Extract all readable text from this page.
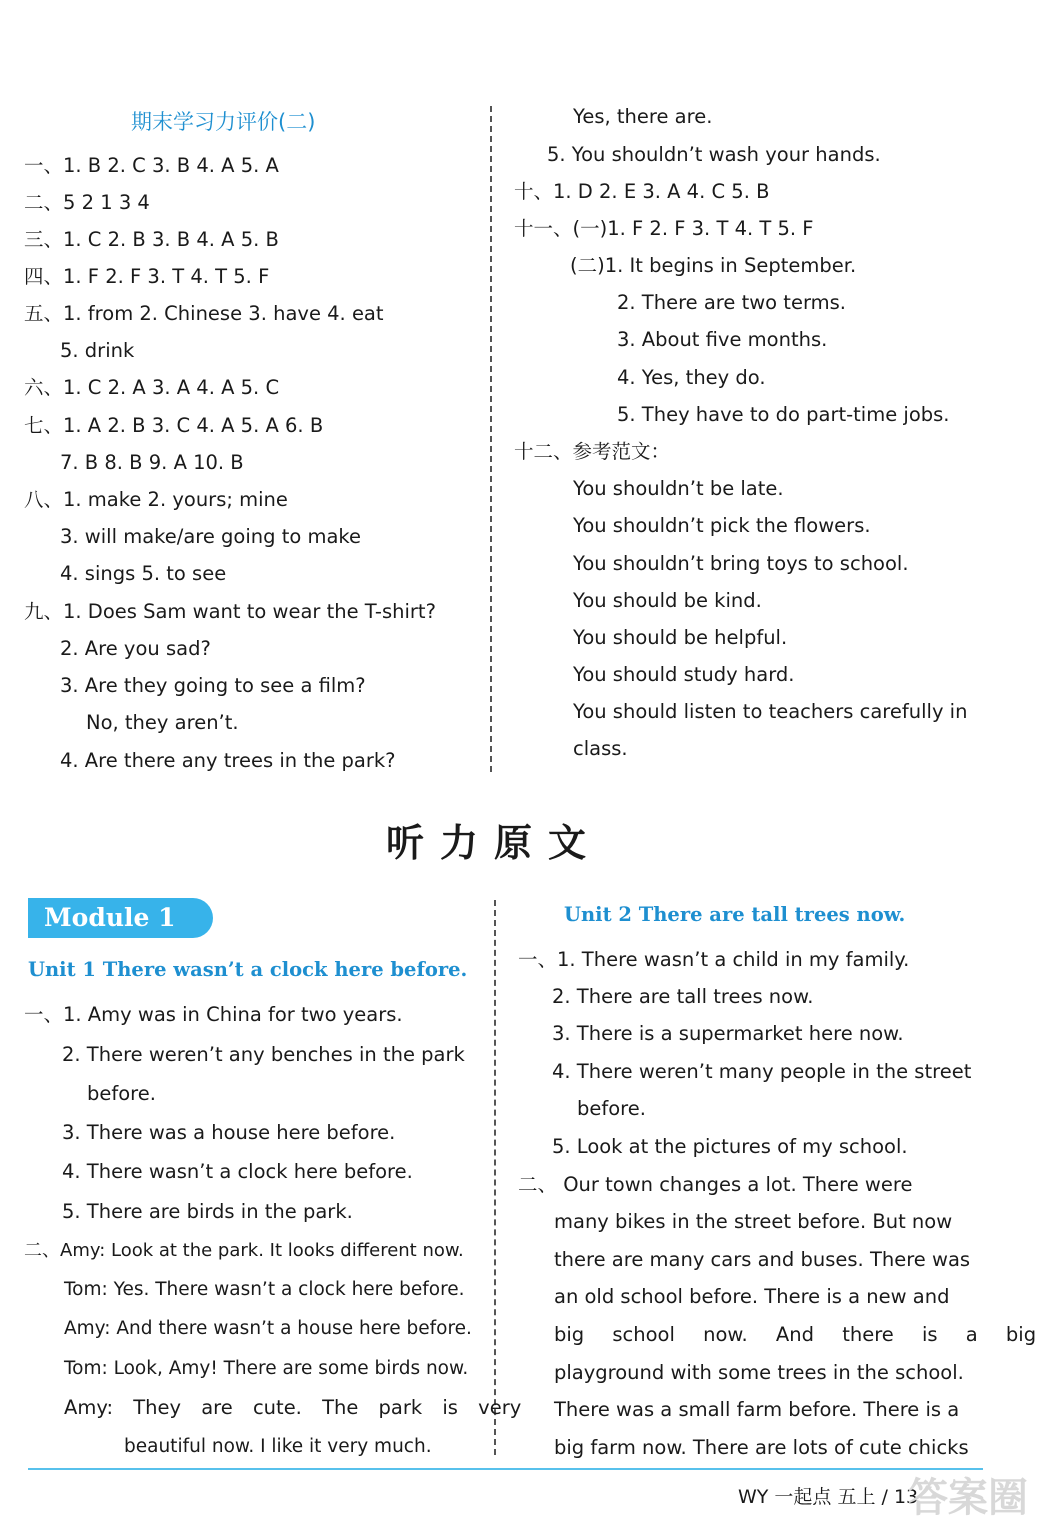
期末学习力评价(二)
一、1. B 2. C 3. B 4. A 5. A
二、5 2 1 3 4
三、1. C 2. B 3. B 4. A 5. B
四、1. F 2. F 3. T 4. T 5. F
五、1. from 2. Chinese 3. have 4. eat
5. drink
六、1. C 2. A 3. A 4. A 5. C
七、1. A 2. B 3. C 4. A 5. A 6. B
7. B 8. B 9. A 10. B
八、1. make 2. yours; mine
3. will make/are going to make
4. sings 5. to see
九、1. Does Sam want to wear the T-shirt?
2. Are you sad?
3. Are they going to see a film?
No, they aren’t.
4. Are there any trees in the park?
Yes, there are.
5. You shouldn’t wash your hands.
十、1. D 2. E 3. A 4. C 5. B
十一、(一)1. F 2. F 3. T 4. T 5. F
(二)1. It begins in September.
2. There are two terms.
3. About five months.
4. Yes, they do.
5. They have to do part-time jobs.
十二、参考范文：
You shouldn’t be late.
You shouldn’t pick the flowers.
You shouldn’t bring toys to school.
You should be kind.
You should be helpful.
You should study hard.
You should listen to teachers carefully in
class.
听力原文
Module 1
Unit 1 There wasn’t a clock here before.
一、1. Amy was in China for two years.
2. There weren’t any benches in the park
before.
3. There was a house here before.
4. There wasn’t a clock here before.
5. There are birds in the park.
二、Amy: Look at the park. It looks different now.
Tom: Yes. There wasn’t a clock here before.
Amy: And there wasn’t a house here before.
Tom: Look, Amy! There are some birds now.
Amy: They are cute. The park is very
beautiful now. I like it very much.
Unit 2 There are tall trees now.
一、1. There wasn’t a child in my family.
2. There are tall trees now.
3. There is a supermarket here now.
4. There weren’t many people in the street
before.
5. Look at the pictures of my school.
二、 Our town changes a lot. There were
many bikes in the street before. But now
there are many cars and buses. There was
an old school before. There is a new and
big school now. And there is a big
playground with some trees in the school.
There was a small farm before. There is a
big farm now. There are lots of cute chicks
WY 一起点 五上 / 13
答案圈
